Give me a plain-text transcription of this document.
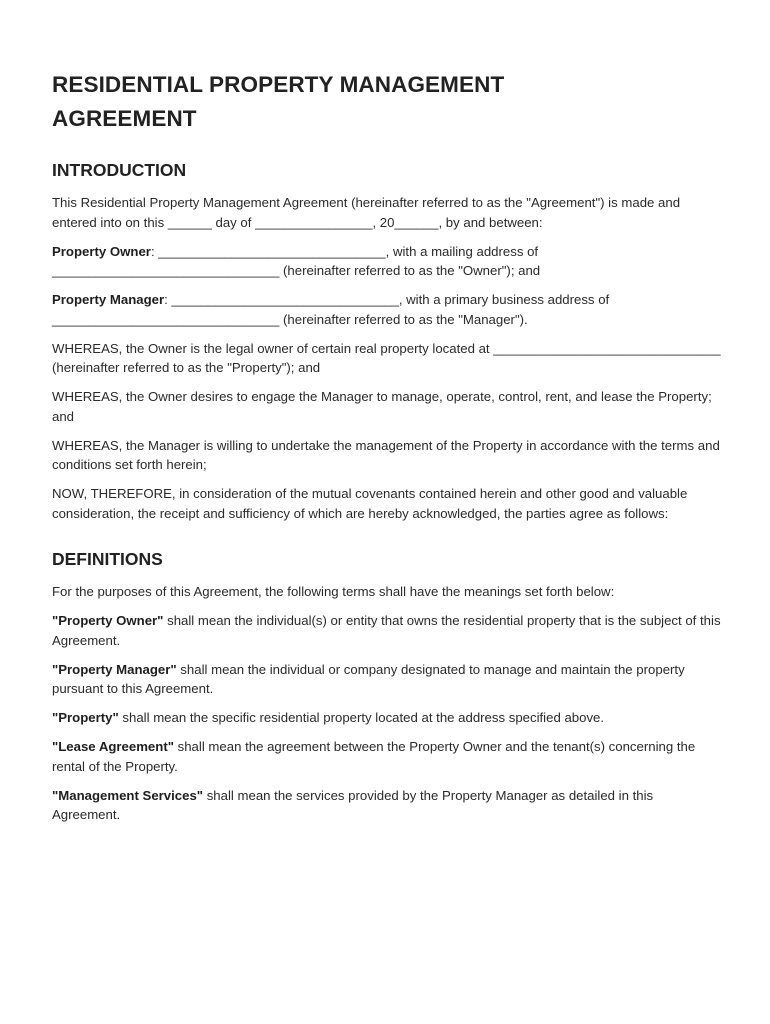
RESIDENTIAL PROPERTY MANAGEMENT
AGREEMENT
INTRODUCTION

This Residential Property Management Agreement (hereinafter referred to as the "Agreement") is made and entered into on this ______ day of ________________, 20______, by and between:

Property Owner: _______________________________, with a mailing address of _______________________________ (hereinafter referred to as the "Owner"); and

Property Manager: _______________________________, with a primary business address of _______________________________ (hereinafter referred to as the "Manager").

WHEREAS, the Owner is the legal owner of certain real property located at _______________________________ (hereinafter referred to as the "Property"); and

WHEREAS, the Owner desires to engage the Manager to manage, operate, control, rent, and lease the Property; and

WHEREAS, the Manager is willing to undertake the management of the Property in accordance with the terms and conditions set forth herein;

NOW, THEREFORE, in consideration of the mutual covenants contained herein and other good and valuable consideration, the receipt and sufficiency of which are hereby acknowledged, the parties agree as follows:

DEFINITIONS

For the purposes of this Agreement, the following terms shall have the meanings set forth below:

"Property Owner" shall mean the individual(s) or entity that owns the residential property that is the subject of this Agreement.

"Property Manager" shall mean the individual or company designated to manage and maintain the property pursuant to this Agreement.

"Property" shall mean the specific residential property located at the address specified above.

"Lease Agreement" shall mean the agreement between the Property Owner and the tenant(s) concerning the rental of the Property.

"Management Services" shall mean the services provided by the Property Manager as detailed in this Agreement.
